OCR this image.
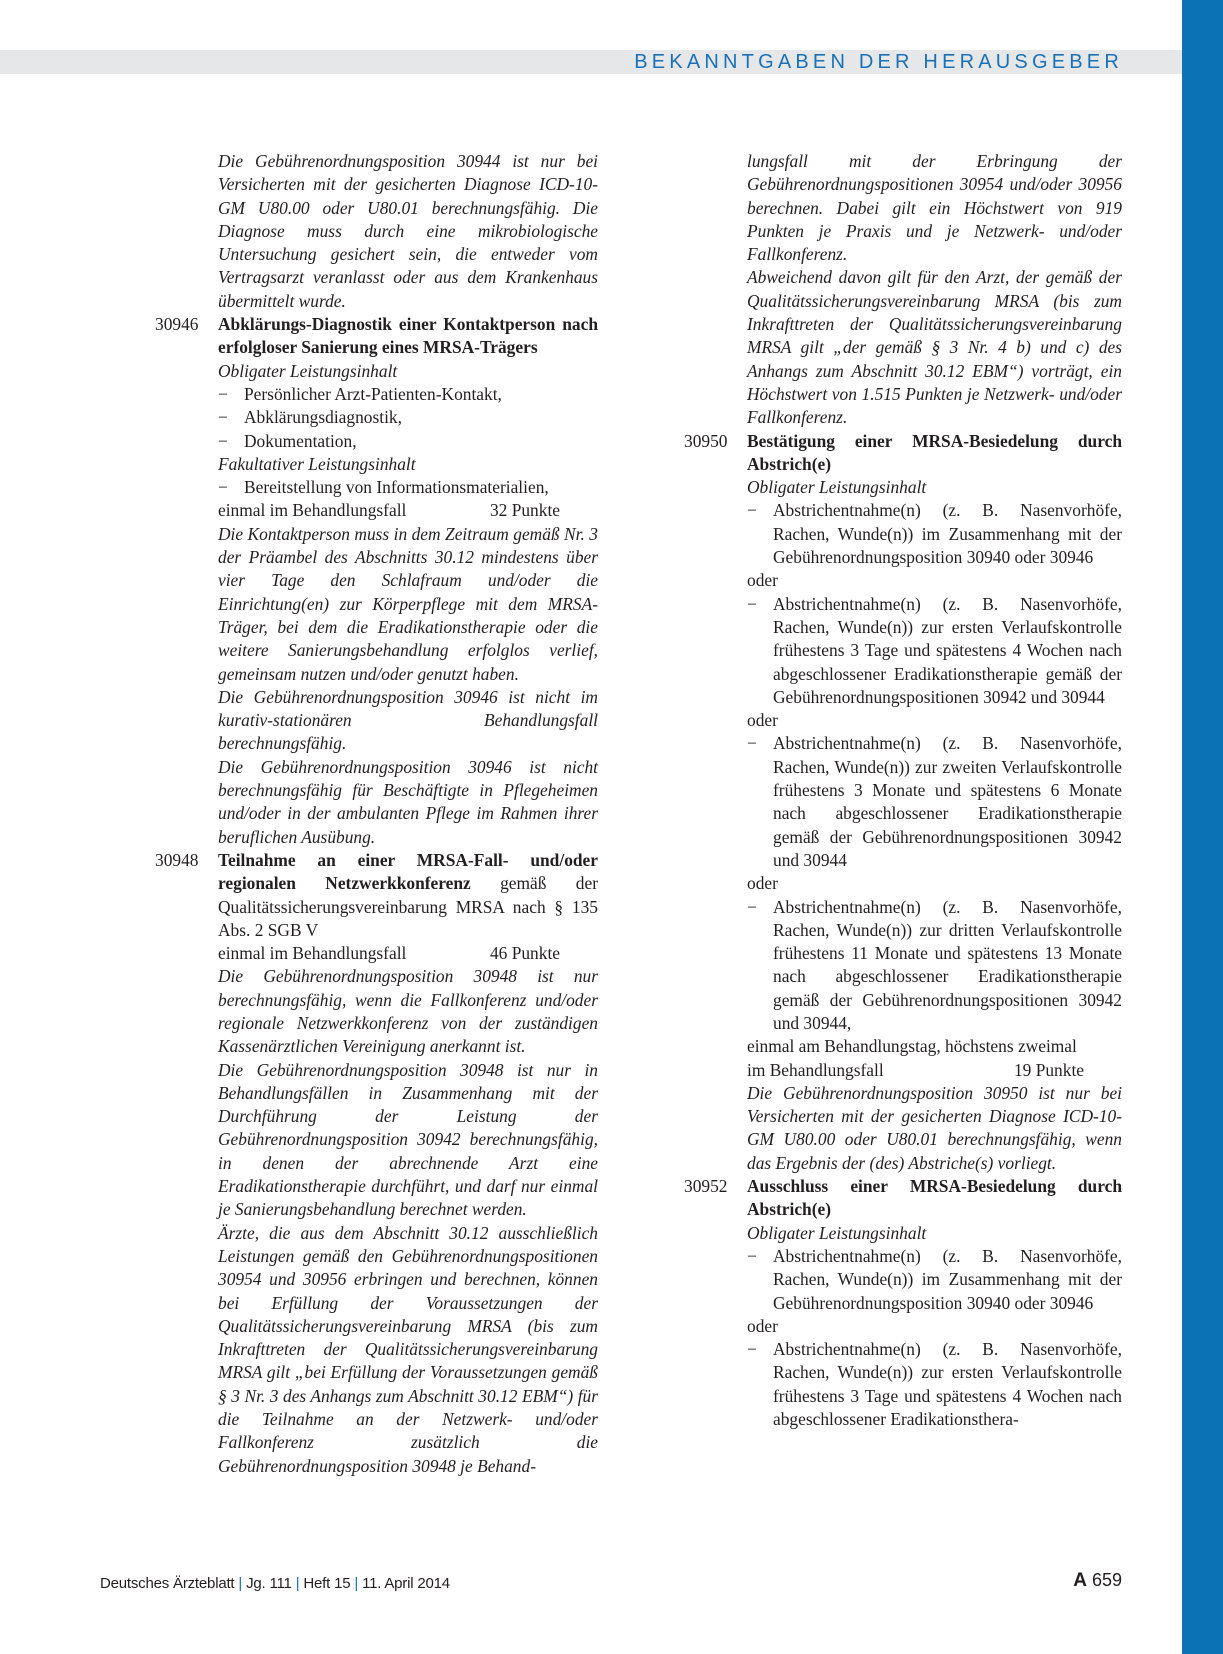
BEKANNTGABEN DER HERAUSGEBER

Die Gebührenordnungsposition 30944 ist nur bei Versicherten mit der gesicherten Diagnose ICD-10-GM U80.00 oder U80.01 berechnungsfähig. Die Diagnose muss durch eine mikrobiologische Untersuchung gesichert sein, die entweder vom Vertragsarzt veranlasst oder aus dem Krankenhaus übermittelt wurde.

30946 Abklärungs-Diagnostik einer Kontaktperson nach erfolgloser Sanierung eines MRSA-Trägers

Obligater Leistungsinhalt

− Persönlicher Arzt-Patienten-Kontakt,
− Abklärungsdiagnostik,
− Dokumentation,

Fakultativer Leistungsinhalt

− Bereitstellung von Informationsmaterialien,
einmal im Behandlungsfall	32 Punkte

Die Kontaktperson muss in dem Zeitraum gemäß Nr. 3 der Präambel des Abschnitts 30.12 mindestens über vier Tage den Schlafraum und/oder die Einrichtung(en) zur Körperpflege mit dem MRSA-Träger, bei dem die Eradikationstherapie oder die weitere Sanierungsbehandlung erfolglos verlief, gemeinsam nutzen und/oder genutzt haben.

Die Gebührenordnungsposition 30946 ist nicht im kurativ-stationären Behandlungsfall berechnungsfähig.

Die Gebührenordnungsposition 30946 ist nicht berechnungsfähig für Beschäftigte in Pflegeheimen und/oder in der ambulanten Pflege im Rahmen ihrer beruflichen Ausübung.

30948 Teilnahme an einer MRSA-Fall- und/oder regionalen Netzwerkkonferenz gemäß der Qualitätssicherungsvereinbarung MRSA nach § 135 Abs. 2 SGB V

einmal im Behandlungsfall	46 Punkte

Die Gebührenordnungsposition 30948 ist nur berechnungsfähig, wenn die Fallkonferenz und/oder regionale Netzwerkkonferenz von der zuständigen Kassenärztlichen Vereinigung anerkannt ist.

Die Gebührenordnungsposition 30948 ist nur in Behandlungsfällen in Zusammenhang mit der Durchführung der Leistung der Gebührenordnungsposition 30942 berechnungsfähig, in denen der abrechnende Arzt eine Eradikationstherapie durchführt, und darf nur einmal je Sanierungsbehandlung berechnet werden.

Ärzte, die aus dem Abschnitt 30.12 ausschließlich Leistungen gemäß den Gebührenordnungspositionen 30954 und 30956 erbringen und berechnen, können bei Erfüllung der Voraussetzungen der Qualitätssicherungsvereinbarung MRSA (bis zum Inkrafttreten der Qualitätssicherungsvereinbarung MRSA gilt „bei Erfüllung der Voraussetzungen gemäß § 3 Nr. 3 des Anhangs zum Abschnitt 30.12 EBM“) für die Teilnahme an der Netzwerk- und/oder Fallkonferenz zusätzlich die Gebührenordnungsposition 30948 je Behand-

lungsfall mit der Erbringung der Gebührenordnungspositionen 30954 und/oder 30956 berechnen. Dabei gilt ein Höchstwert von 919 Punkten je Praxis und je Netzwerk- und/oder Fallkonferenz.

Abweichend davon gilt für den Arzt, der gemäß der Qualitätssicherungsvereinbarung MRSA (bis zum Inkrafttreten der Qualitätssicherungsvereinbarung MRSA gilt „der gemäß § 3 Nr. 4 b) und c) des Anhangs zum Abschnitt 30.12 EBM“) vorträgt, ein Höchstwert von 1.515 Punkten je Netzwerk- und/oder Fallkonferenz.

30950 Bestätigung einer MRSA-Besiedelung durch Abstrich(e)

Obligater Leistungsinhalt

− Abstrichentnahme(n) (z. B. Nasenvorhöfe, Rachen, Wunde(n)) im Zusammenhang mit der Gebührenordnungsposition 30940 oder 30946

oder

− Abstrichentnahme(n) (z. B. Nasenvorhöfe, Rachen, Wunde(n)) zur ersten Verlaufskontrolle frühestens 3 Tage und spätestens 4 Wochen nach abgeschlossener Eradikationstherapie gemäß der Gebührenordnungspositionen 30942 und 30944

oder

− Abstrichentnahme(n) (z. B. Nasenvorhöfe, Rachen, Wunde(n)) zur zweiten Verlaufskontrolle frühestens 3 Monate und spätestens 6 Monate nach abgeschlossener Eradikationstherapie gemäß der Gebührenordnungspositionen 30942 und 30944

oder

− Abstrichentnahme(n) (z. B. Nasenvorhöfe, Rachen, Wunde(n)) zur dritten Verlaufskontrolle frühestens 11 Monate und spätestens 13 Monate nach abgeschlossener Eradikationstherapie gemäß der Gebührenordnungspositionen 30942 und 30944,

einmal am Behandlungstag, höchstens zweimal

im Behandlungsfall	19 Punkte

Die Gebührenordnungsposition 30950 ist nur bei Versicherten mit der gesicherten Diagnose ICD-10-GM U80.00 oder U80.01 berechnungsfähig, wenn das Ergebnis der (des) Abstriche(s) vorliegt.

30952 Ausschluss einer MRSA-Besiedelung durch Abstrich(e)

Obligater Leistungsinhalt

− Abstrichentnahme(n) (z. B. Nasenvorhöfe, Rachen, Wunde(n)) im Zusammenhang mit der Gebührenordnungsposition 30940 oder 30946

oder

− Abstrichentnahme(n) (z. B. Nasenvorhöfe, Rachen, Wunde(n)) zur ersten Verlaufskontrolle frühestens 3 Tage und spätestens 4 Wochen nach abgeschlossener Eradikationsthera-
Deutsches Ärzteblatt | Jg. 111 | Heft 15 | 11. April 2014	A 659
